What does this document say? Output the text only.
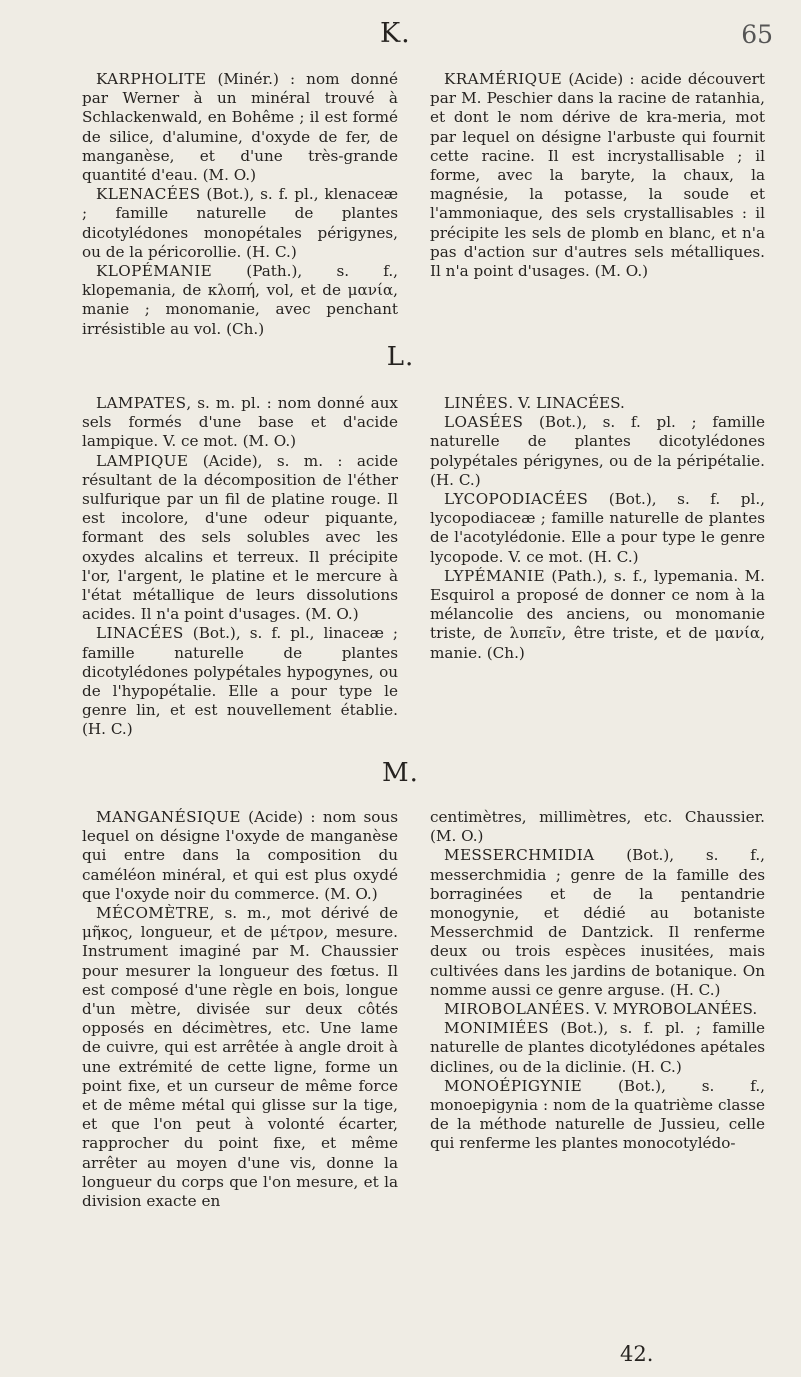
K.	65

KARPHOLITE (Minér.) : nom donné par Werner à un minéral trouvé à Schlackenwald, en Bohême ; il est formé de silice, d'alumine, d'oxyde de fer, de manganèse, et d'une très-grande quantité d'eau. (M. O.)

KLENACÉES (Bot.), s. f. pl., klenaceæ ; famille naturelle de plantes dicotylédones monopétales périgynes, ou de la péricorollie. (H. C.)

KLOPÉMANIE (Path.), s. f., klopemania, de κλοπή, vol, et de μανία, manie ; monomanie, avec penchant irrésistible au vol. (Ch.)

KRAMÉRIQUE (Acide) : acide découvert par M. Peschier dans la racine de ratanhia, et dont le nom dérive de kra-meria, mot par lequel on désigne l'arbuste qui fournit cette racine. Il est incrystallisable ; il forme, avec la baryte, la chaux, la magnésie, la potasse, la soude et l'ammoniaque, des sels crystallisables : il précipite les sels de plomb en blanc, et n'a pas d'action sur d'autres sels métalliques. Il n'a point d'usages. (M. O.)

L.

LAMPATES, s. m. pl. : nom donné aux sels formés d'une base et d'acide lampique. V. ce mot. (M. O.)

LAMPIQUE (Acide), s. m. : acide résultant de la décomposition de l'éther sulfurique par un fil de platine rouge. Il est incolore, d'une odeur piquante, formant des sels solubles avec les oxydes alcalins et terreux. Il précipite l'or, l'argent, le platine et le mercure à l'état métallique de leurs dissolutions acides. Il n'a point d'usages. (M. O.)

LINACÉES (Bot.), s. f. pl., linaceæ ; famille naturelle de plantes dicotylédones polypétales hypogynes, ou de l'hypopétalie. Elle a pour type le genre lin, et est nouvellement établie. (H. C.)

LINÉES. V. LINACÉES.

LOASÉES (Bot.), s. f. pl. ; famille naturelle de plantes dicotylédones polypétales périgynes, ou de la péripétalie. (H. C.)

LYCOPODIACÉES (Bot.), s. f. pl., lycopodiaceæ ; famille naturelle de plantes de l'acotylédonie. Elle a pour type le genre lycopode. V. ce mot. (H. C.)

LYPÉMANIE (Path.), s. f., lypemania. M. Esquirol a proposé de donner ce nom à la mélancolie des anciens, ou monomanie triste, de λυπεῖν, être triste, et de μανία, manie. (Ch.)

M.

MANGANÉSIQUE (Acide) : nom sous lequel on désigne l'oxyde de manganèse qui entre dans la composition du caméléon minéral, et qui est plus oxydé que l'oxyde noir du commerce. (M. O.)

MÉCOMÈTRE, s. m., mot dérivé de μῆκος, longueur, et de μέτρον, mesure. Instrument imaginé par M. Chaussier pour mesurer la longueur des fœtus. Il est composé d'une règle en bois, longue d'un mètre, divisée sur deux côtés opposés en décimètres, etc. Une lame de cuivre, qui est arrêtée à angle droit à une extrémité de cette ligne, forme un point fixe, et un curseur de même force et de même métal qui glisse sur la tige, et que l'on peut à volonté écarter, rapprocher du point fixe, et même arrêter au moyen d'une vis, donne la longueur du corps que l'on mesure, et la division exacte en

centimètres, millimètres, etc. Chaussier. (M. O.)

MESSERCHMIDIA (Bot.), s. f., messerchmidia ; genre de la famille des borraginées et de la pentandrie monogynie, et dédié au botaniste Messerchmid de Dantzick. Il renferme deux ou trois espèces inusitées, mais cultivées dans les jardins de botanique. On nomme aussi ce genre arguse. (H. C.)

MIROBOLANÉES. V. MYROBOLANÉES.

MONIMIÉES (Bot.), s. f. pl. ; famille naturelle de plantes dicotylédones apétales diclines, ou de la diclinie. (H. C.)

MONOÉPIGYNIE (Bot.), s. f., monoepigynia : nom de la quatrième classe de la méthode naturelle de Jussieu, celle qui renferme les plantes monocotylédo-

42.
